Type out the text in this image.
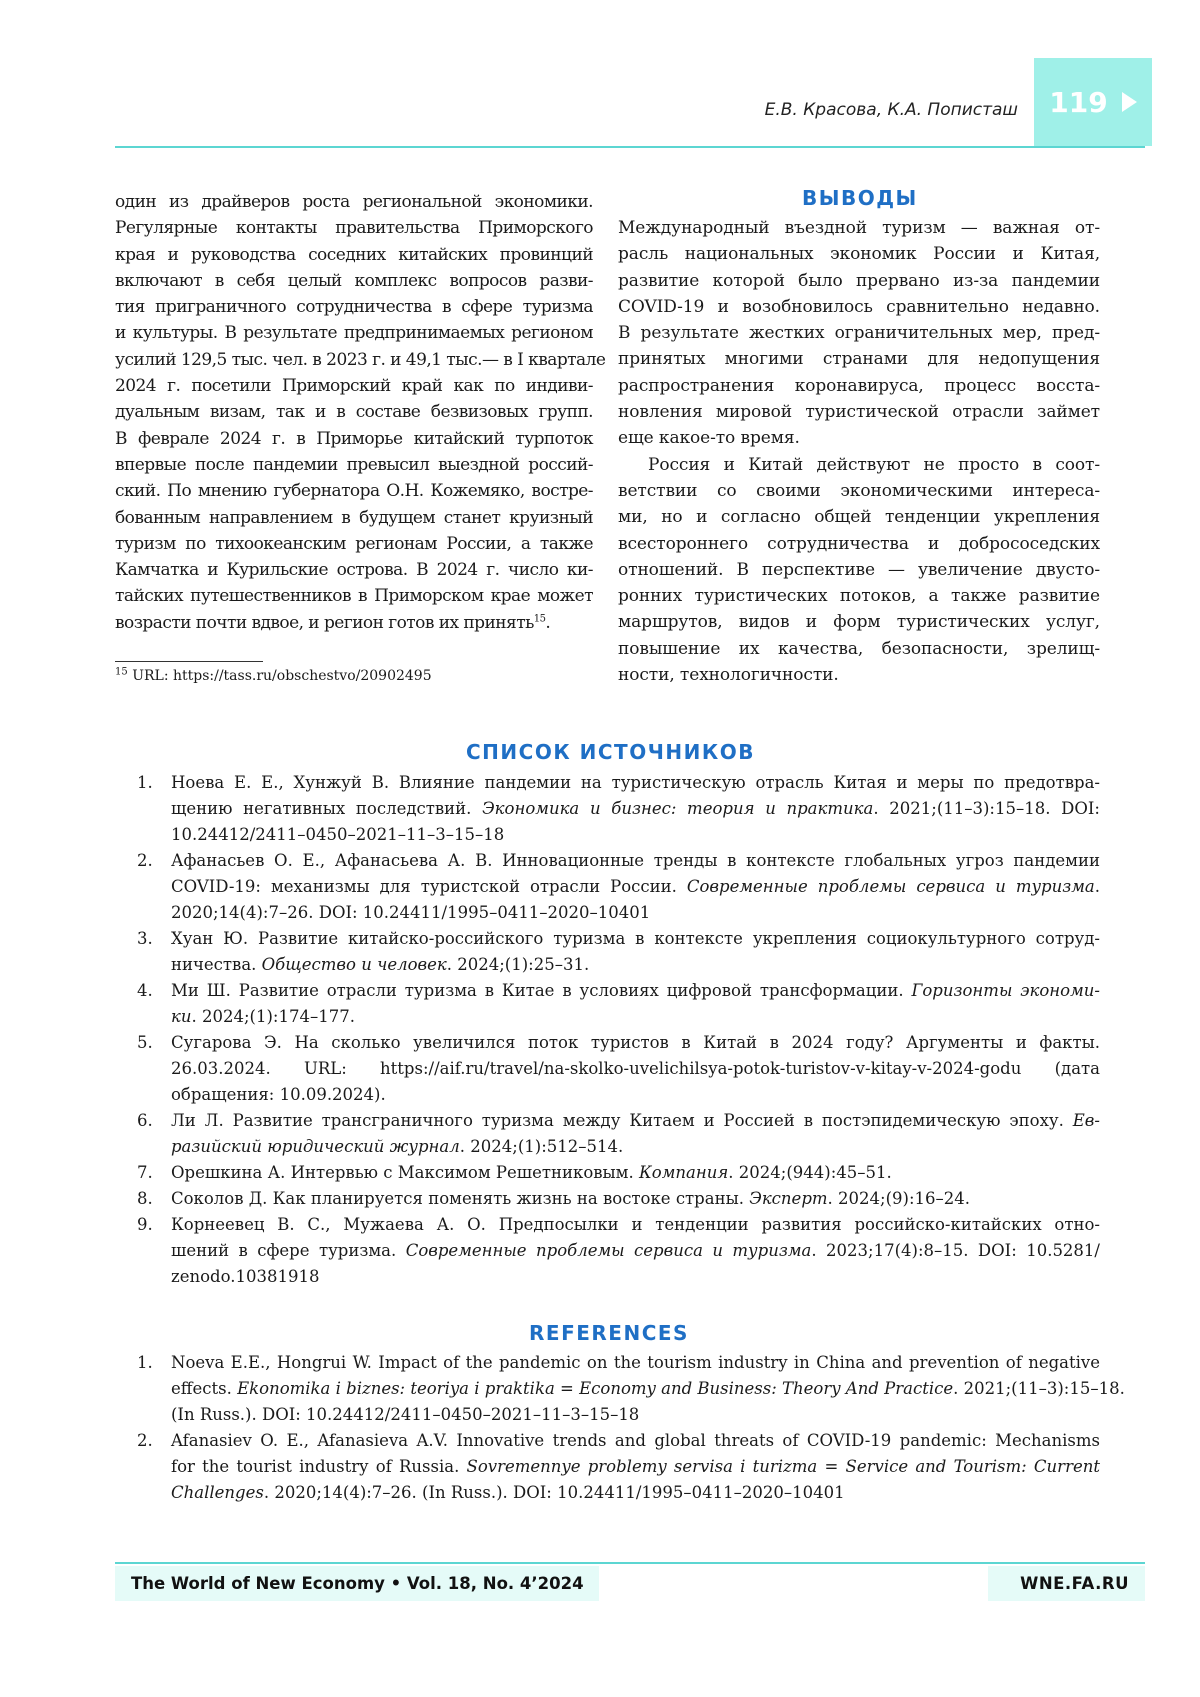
Е.В. Красова, К.А. Пописташ 119
один из драйверов роста региональной экономики.
Регулярные контакты правительства Приморского
края и руководства соседних китайских провинций
включают в себя целый комплекс вопросов разви-
тия приграничного сотрудничества в сфере туризма
и культуры. В результате предпринимаемых регионом
усилий 129,5 тыс. чел. в 2023 г. и 49,1 тыс.— в I квартале
2024 г. посетили Приморский край как по индиви-
дуальным визам, так и в составе безвизовых групп.
В феврале 2024 г. в Приморье китайский турпоток
впервые после пандемии превысил выездной россий-
ский. По мнению губернатора О.Н. Кожемяко, востре-
бованным направлением в будущем станет круизный
туризм по тихоокеанским регионам России, а также
Камчатка и Курильские острова. В 2024 г. число ки-
тайских путешественников в Приморском крае может
возрасти почти вдвое, и регион готов их принять$^{15}$.
$^{15}$ URL: https://tass.ru/obschestvo/20902495
ВЫВОДЫ
Международный въездной туризм — важная от-
расль национальных экономик России и Китая,
развитие которой было прервано из-за пандемии
COVID-19 и возобновилось сравнительно недавно.
В результате жестких ограничительных мер, пред-
принятых многими странами для недопущения
распространения коронавируса, процесс восста-
новления мировой туристической отрасли займет
еще какое-то время.
Россия и Китай действуют не просто в соот-
ветствии со своими экономическими интереса-
ми, но и согласно общей тенденции укрепления
всестороннего сотрудничества и добрососедских
отношений. В перспективе — увеличение двусто-
ронних туристических потоков, а также развитие
маршрутов, видов и форм туристических услуг,
повышение их качества, безопасности, зрелищ-
ности, технологичности.
СПИСОК ИСТОЧНИКОВ
1. Ноева Е. Е., Хунжуй В. Влияние пандемии на туристическую отрасль Китая и меры по предотвра-
щению негативных последствий. Экономика и бизнес: теория и практика. 2021;(11–3):15–18. DOI:
10.24412/2411–0450–2021–11–3–15–18
2. Афанасьев О. Е., Афанасьева А. В. Инновационные тренды в контексте глобальных угроз пандемии
COVID-19: механизмы для туристской отрасли России. Современные проблемы сервиса и туризма.
2020;14(4):7–26. DOI: 10.24411/1995–0411–2020–10401
3. Хуан Ю. Развитие китайско-российского туризма в контексте укрепления социокультурного сотруд-
ничества. Общество и человек. 2024;(1):25–31.
4. Ми Ш. Развитие отрасли туризма в Китае в условиях цифровой трансформации. Горизонты экономи-
ки. 2024;(1):174–177.
5. Сугарова Э. На сколько увеличился поток туристов в Китай в 2024 году? Аргументы и факты.
26.03.2024. URL: https://aif.ru/travel/na-skolko-uvelichilsya-potok-turistov-v-kitay-v-2024-godu (дата
обращения: 10.09.2024).
6. Ли Л. Развитие трансграничного туризма между Китаем и Россией в постэпидемическую эпоху. Ев-
разийский юридический журнал. 2024;(1):512–514.
7. Орешкина А. Интервью с Максимом Решетниковым. Компания. 2024;(944):45–51.
8. Соколов Д. Как планируется поменять жизнь на востоке страны. Эксперт. 2024;(9):16–24.
9. Корнеевец В. С., Мужаева А. О. Предпосылки и тенденции развития российско-китайских отно-
шений в сфере туризма. Современные проблемы сервиса и туризма. 2023;17(4):8–15. DOI: 10.5281/
zenodo.10381918
REFERENCES
1. Noeva E.E., Hongrui W. Impact of the pandemic on the tourism industry in China and prevention of negative
effects. Ekonomika i biznes: teoriya i praktika = Economy and Business: Theory And Practice. 2021;(11–3):15–18.
(In Russ.). DOI: 10.24412/2411–0450–2021–11–3–15–18
2. Afanasiev O. E., Afanasieva A.V. Innovative trends and global threats of COVID-19 pandemic: Mechanisms
for the tourist industry of Russia. Sovremennye problemy servisa i turizma = Service and Tourism: Current
Challenges. 2020;14(4):7–26. (In Russ.). DOI: 10.24411/1995–0411–2020–10401
The World of New Economy • Vol. 18, No. 4’2024	WNE.FA.RU
